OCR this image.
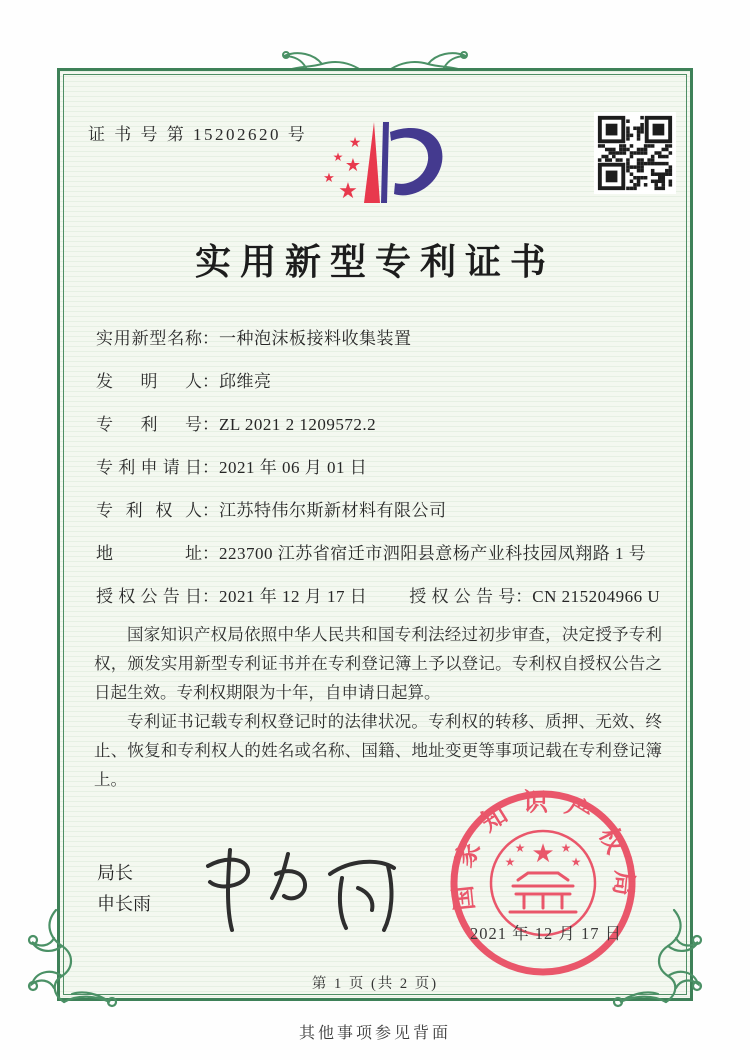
证 书 号 第 15202620 号	★
★ ★
★
★
实用新型专利证书
实用新型名称：一种泡沫板接料收集装置
发明人：邱维亮
专利号：ZL 2021 2 1209572.2
专利申请日：2021 年 06 月 01 日
专利权人：江苏特伟尔斯新材料有限公司
地址：223700 江苏省宿迁市泗阳县意杨产业科技园凤翔路 1 号
授权公告日：2021 年 12 月 17 日 授权公告号：CN 215204966 U

国家知识产权局依照中华人民共和国专利法经过初步审查，决定授予专利权，颁发实用新型专利证书并在专利登记簿上予以登记。专利权自授权公告之日起生效。专利权期限为十年，自申请日起算。

专利证书记载专利权登记时的法律状况。专利权的转移、质押、无效、终止、恢复和专利权人的姓名或名称、国籍、地址变更等事项记载在专利登记簿上。

局长
申长雨	国家知识产权局
★
★	★
★	★
2021 年 12 月 17 日
第 1 页 (共 2 页)
其他事项参见背面
